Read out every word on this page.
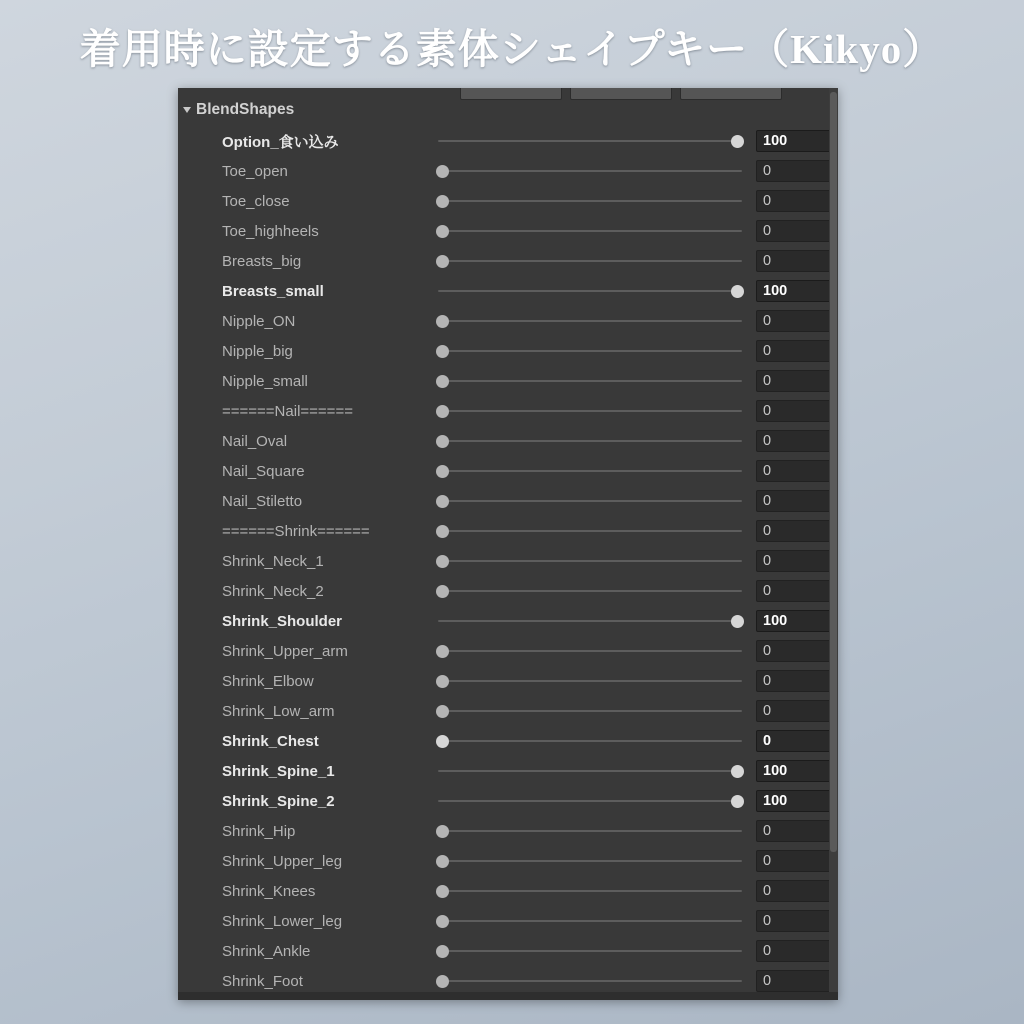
着用時に設定する素体シェイプキー（Kikyo）
BlendShapes
Option_食い込み	100
Toe_open	0
Toe_close	0
Toe_highheels	0
Breasts_big	0
Breasts_small	100
Nipple_ON	0
Nipple_big	0
Nipple_small	0
======Nail======	0
Nail_Oval	0
Nail_Square	0
Nail_Stiletto	0
======Shrink======	0
Shrink_Neck_1	0
Shrink_Neck_2	0
Shrink_Shoulder	100
Shrink_Upper_arm	0
Shrink_Elbow	0
Shrink_Low_arm	0
Shrink_Chest	0
Shrink_Spine_1	100
Shrink_Spine_2	100
Shrink_Hip	0
Shrink_Upper_leg	0
Shrink_Knees	0
Shrink_Lower_leg	0
Shrink_Ankle	0
Shrink_Foot	0
